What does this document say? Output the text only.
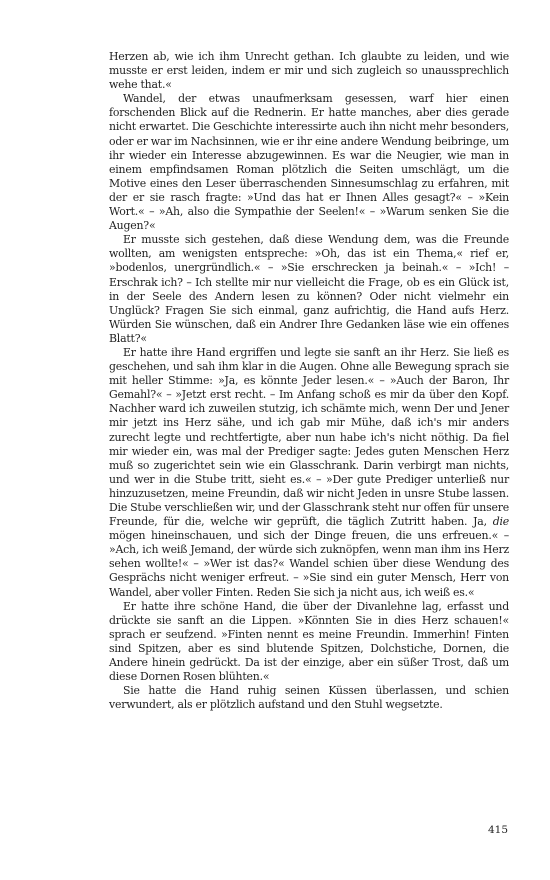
Herzen ab, wie ich ihm Unrecht gethan. Ich glaubte zu leiden, und wie musste er erst leiden, indem er mir und sich zugleich so unaussprechlich wehe that.«

Wandel, der etwas unaufmerksam gesessen, warf hier einen forschenden Blick auf die Rednerin. Er hatte manches, aber dies gerade nicht erwartet. Die Geschichte interessirte auch ihn nicht mehr besonders, oder er war im Nachsinnen, wie er ihr eine andere Wendung beibringe, um ihr wieder ein Interesse abzugewinnen. Es war die Neugier, wie man in einem empfindsamen Roman plötzlich die Seiten umschlägt, um die Motive eines den Leser überraschenden Sinnesumschlag zu erfahren, mit der er sie rasch fragte: »Und das hat er Ihnen Alles gesagt?« – »Kein Wort.« – »Ah, also die Sympathie der Seelen!« – »Warum senken Sie die Augen?«

Er musste sich gestehen, daß diese Wendung dem, was die Freunde wollten, am wenigsten entspreche: »Oh, das ist ein Thema,« rief er, »bodenlos, unergründlich.« – »Sie erschrecken ja beinah.« – »Ich! – Erschrak ich? – Ich stellte mir nur vielleicht die Frage, ob es ein Glück ist, in der Seele des Andern lesen zu können? Oder nicht vielmehr ein Unglück? Fragen Sie sich einmal, ganz aufrichtig, die Hand aufs Herz. Würden Sie wünschen, daß ein Andrer Ihre Gedanken läse wie ein offenes Blatt?«

Er hatte ihre Hand ergriffen und legte sie sanft an ihr Herz. Sie ließ es geschehen, und sah ihm klar in die Augen. Ohne alle Bewegung sprach sie mit heller Stimme: »Ja, es könnte Jeder lesen.« – »Auch der Baron, Ihr Gemahl?« – »Jetzt erst recht. – Im Anfang schoß es mir da über den Kopf. Nachher ward ich zuweilen stutzig, ich schämte mich, wenn Der und Jener mir jetzt ins Herz sähe, und ich gab mir Mühe, daß ich's mir anders zurecht legte und rechtfertigte, aber nun habe ich's nicht nöthig. Da fiel mir wieder ein, was mal der Prediger sagte: Jedes guten Menschen Herz muß so zugerichtet sein wie ein Glasschrank. Darin verbirgt man nichts, und wer in die Stube tritt, sieht es.« – »Der gute Prediger unterließ nur hinzuzusetzen, meine Freundin, daß wir nicht Jeden in unsre Stube lassen. Die Stube verschließen wir, und der Glasschrank steht nur offen für unsere Freunde, für die, welche wir geprüft, die täglich Zutritt haben. Ja, die mögen hineinschauen, und sich der Dinge freuen, die uns erfreuen.« – »Ach, ich weiß Jemand, der würde sich zuknöpfen, wenn man ihm ins Herz sehen wollte!« – »Wer ist das?« Wandel schien über diese Wendung des Gesprächs nicht weniger erfreut. – »Sie sind ein guter Mensch, Herr von Wandel, aber voller Finten. Reden Sie sich ja nicht aus, ich weiß es.«

Er hatte ihre schöne Hand, die über der Divanlehne lag, erfasst und drückte sie sanft an die Lippen. »Könnten Sie in dies Herz schauen!« sprach er seufzend. »Finten nennt es meine Freundin. Immerhin! Finten sind Spitzen, aber es sind blutende Spitzen, Dolchstiche, Dornen, die Andere hinein gedrückt. Da ist der einzige, aber ein süßer Trost, daß um diese Dornen Rosen blühten.«

Sie hatte die Hand ruhig seinen Küssen überlassen, und schien verwundert, als er plötzlich aufstand und den Stuhl wegsetzte.

415
